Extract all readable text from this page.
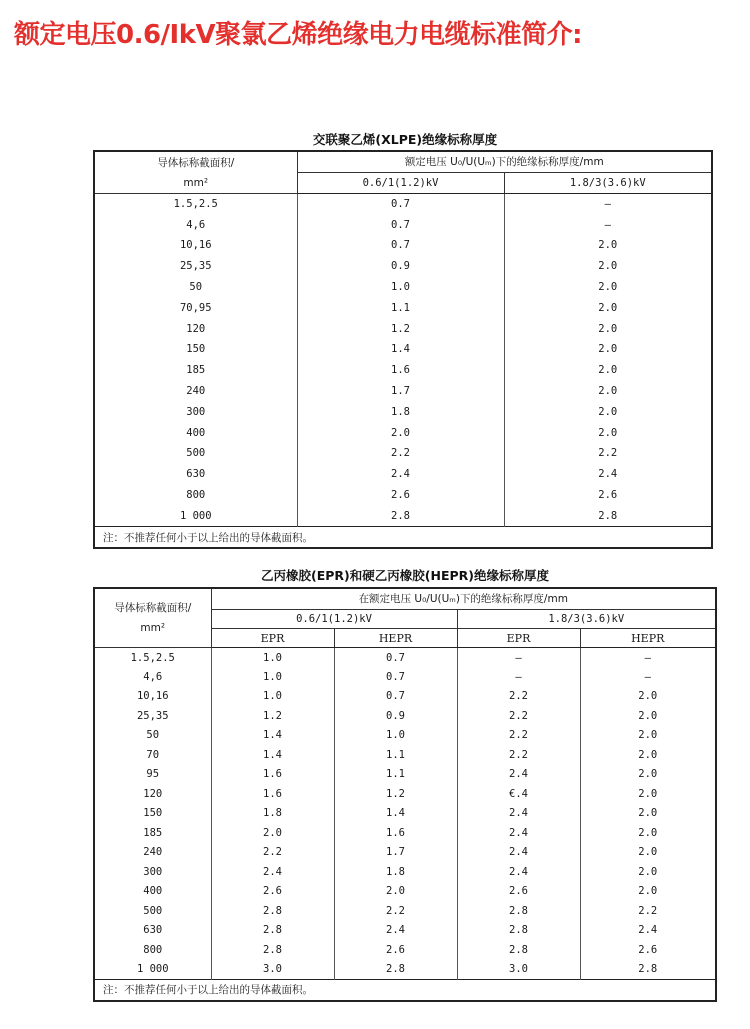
额定电压0.6/IkV聚氯乙烯绝缘电力电缆标准简介:
交联聚乙烯(XLPE)绝缘标称厚度
导体标称截面积/
mm²	额定电压 U₀/U(Uₘ)下的绝缘标称厚度/mm	
	0.6/1(1.2)kV	1.8/3(3.6)kV
1.5,2.5	0.7	—
4,6	0.7	—
10,16	0.7	2.0
25,35	0.9	2.0
50	1.0	2.0
70,95	1.1	2.0
120	1.2	2.0
150	1.4	2.0
185	1.6	2.0
240	1.7	2.0
300	1.8	2.0
400	2.0	2.0
500	2.2	2.2
630	2.4	2.4
800	2.6	2.6
1 000	2.8	2.8
注：不推荐任何小于以上给出的导体截面积。		
乙丙橡胶(EPR)和硬乙丙橡胶(HEPR)绝缘标称厚度
导体标称截面积/
mm²	在额定电压 U₀/U(Uₘ)下的绝缘标称厚度/mm			
	0.6/1(1.2)kV		1.8/3(3.6)kV	
	EPR	HEPR	EPR	HEPR
1.5,2.5	1.0	0.7	—	—
4,6	1.0	0.7	—	—
10,16	1.0	0.7	2.2	2.0
25,35	1.2	0.9	2.2	2.0
50	1.4	1.0	2.2	2.0
70	1.4	1.1	2.2	2.0
95	1.6	1.1	2.4	2.0
120	1.6	1.2	€.4	2.0
150	1.8	1.4	2.4	2.0
185	2.0	1.6	2.4	2.0
240	2.2	1.7	2.4	2.0
300	2.4	1.8	2.4	2.0
400	2.6	2.0	2.6	2.0
500	2.8	2.2	2.8	2.2
630	2.8	2.4	2.8	2.4
800	2.8	2.6	2.8	2.6
1 000	3.0	2.8	3.0	2.8
注：不推荐任何小于以上给出的导体截面积。				
